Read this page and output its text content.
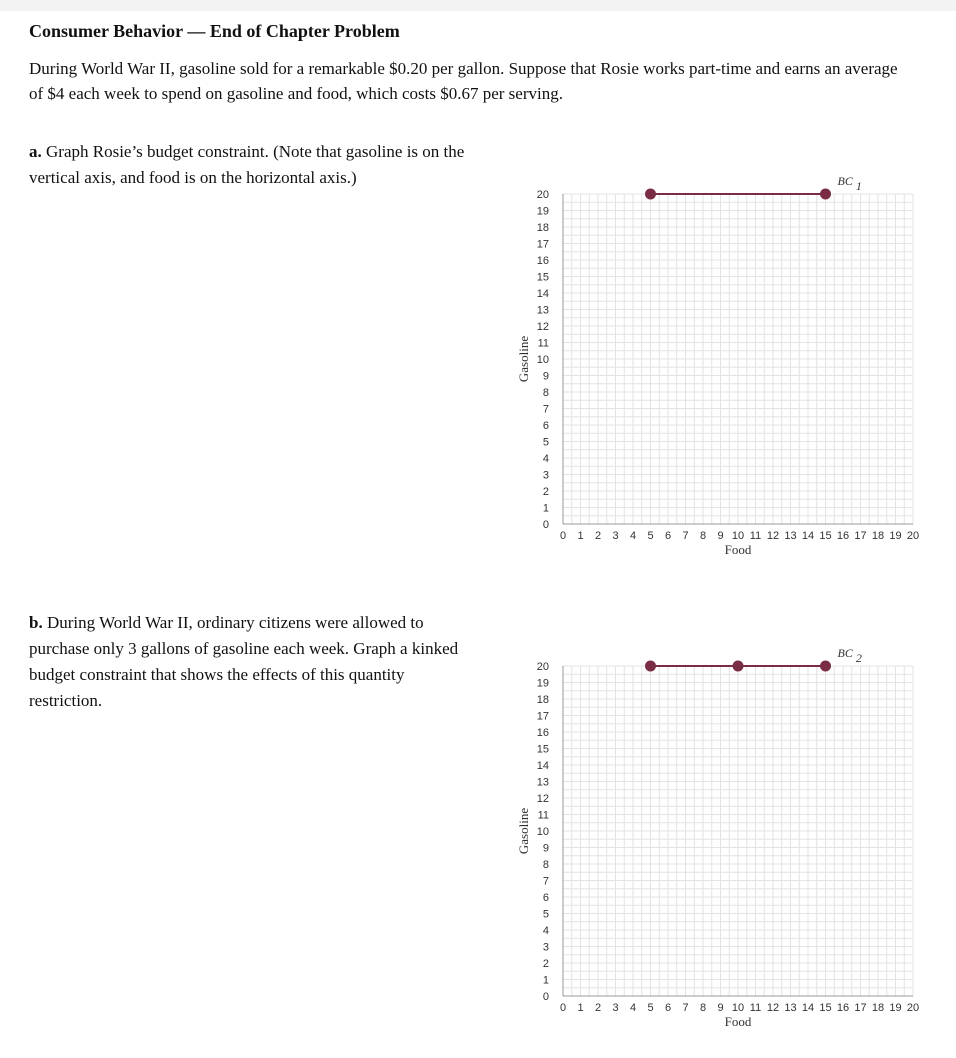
Consumer Behavior — End of Chapter Problem

During World War II, gasoline sold for a remarkable $0.20 per gallon. Suppose that Rosie works part-time and earns an average of $4 each week to spend on gasoline and food, which costs $0.67 per serving.

a. Graph Rosie’s budget constraint. (Note that gasoline is on the vertical axis, and food is on the horizontal axis.)

0 1 2 3 4 5 6 7 8 9 10 11 12 13 14 15 16 17 18 19 20
0
1
2
3
4
5
6
7
8
9
10
11
12
13
14
15
16
17
18
19
20
Food
Gasoline
BC 1

b. During World War II, ordinary citizens were allowed to purchase only 3 gallons of gasoline each week. Graph a kinked budget constraint that shows the effects of this quantity restriction.

0 1 2 3 4 5 6 7 8 9 10 11 12 13 14 15 16 17 18 19 20
0
1
2
3
4
5
6
7
8
9
10
11
12
13
14
15
16
17
18
19
20
Food
Gasoline
BC 2
